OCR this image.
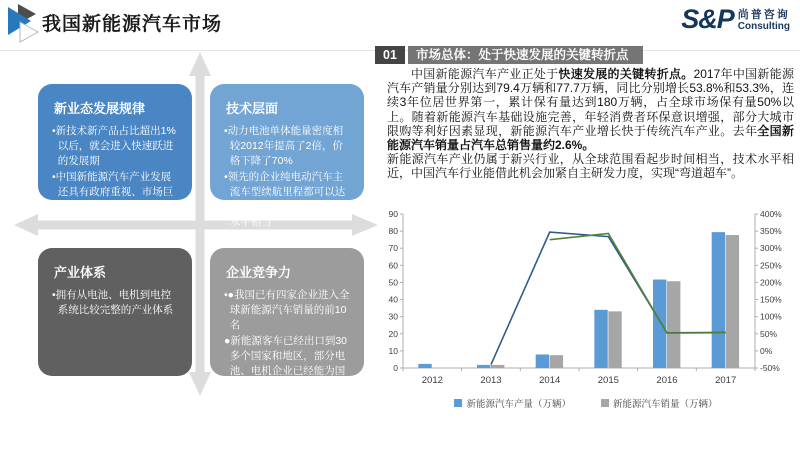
我国新能源汽车市场	S&P 尚普咨询
Consulting
新业态发展规律
•新技术新产品占比超出1%以后，就会进入快速跃进的发展期
•中国新能源汽车产业发展还具有政府重视、市场巨大等多重优势
技术层面
•动力电池单体能量密度相较2012年提高了2倍，价格下降了70%
•领先的企业纯电动汽车主流车型续航里程都可以达到300公里以上，与国际水平相当
产业体系
•拥有从电池、电机到电控系统比较完整的产业体系
企业竞争力
•●我国已有四家企业进入全球新能源汽车销量的前10名
●新能源客车已经出口到30多个国家和地区，部分电池、电机企业已经能为国际跨国汽车企业提供产品
01	市场总体：处于快速发展的关键转折点

中国新能源汽车产业正处于快速发展的关键转折点。2017年中国新能源汽车产销量分别达到79.4万辆和77.7万辆，同比分别增长53.8%和53.3%，连续3年位居世界第一，累计保有量达到180万辆，占全球市场保有量50%以上。随着新能源汽车基础设施完善，年轻消费者环保意识增强，部分大城市限购等利好因素显现，新能源汽车产业增长快于传统汽车产业。去年全国新能源汽车销量占汽车总销售量约2.6%。

新能源汽车产业仍属于新兴行业，从全球范围看起步时间相当，技术水平相近，中国汽车行业能借此机会加紧自主研发力度，实现“弯道超车”。

0
10
20
30
40
50
60
70
80
90
-50%
0%
50%
100%
150%
200%
250%
300%
350%
400%
2012	2013	2014	2015	2016	2017
新能源汽车产量（万辆）	新能源汽车销量（万辆）
